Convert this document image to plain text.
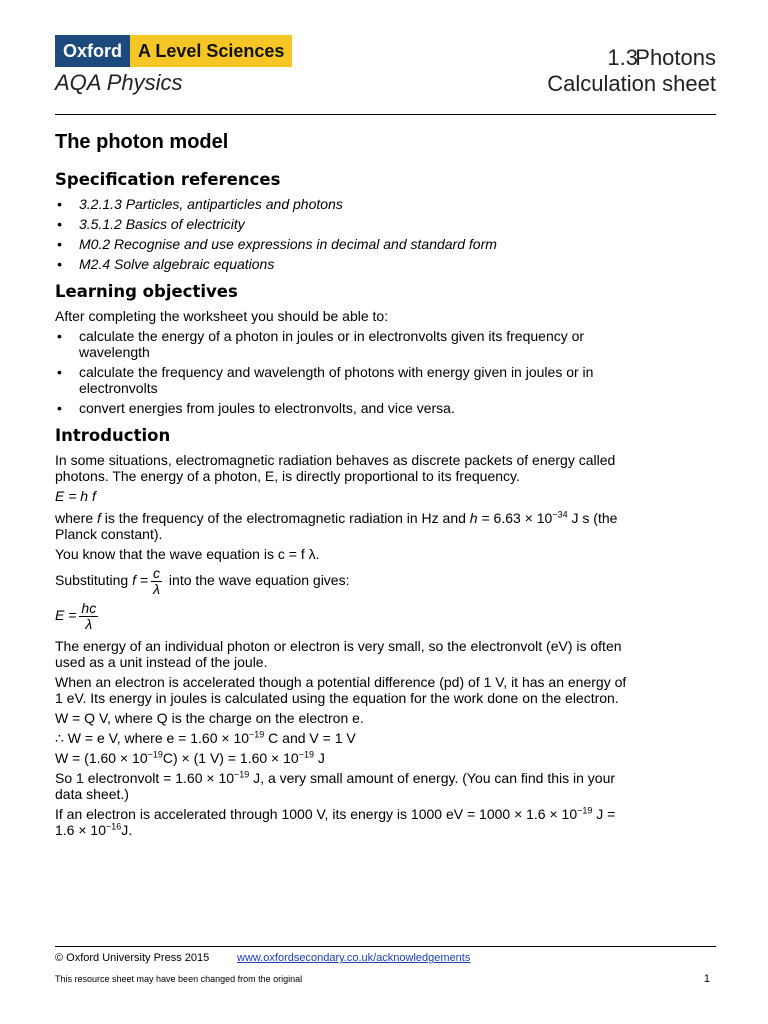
Oxford A Level Sciences
AQA Physics
1.3
Photons
Calculation sheet
The photon model
Specification references
• 3.2.1.3 Particles, antiparticles and photons
• 3.5.1.2 Basics of electricity
• M0.2 Recognise and use expressions in decimal and standard form
• M2.4 Solve algebraic equations
Learning objectives

After completing the worksheet you should be able to:

• calculate the energy of a photon in joules or in electronvolts given its frequency or wavelength
• calculate the frequency and wavelength of photons with energy given in joules or in electronvolts
• convert energies from joules to electronvolts, and vice versa.
Introduction

In some situations, electromagnetic radiation behaves as discrete packets of energy called photons. The energy of a photon, E, is directly proportional to its frequency.

E = h f

where f is the frequency of the electromagnetic radiation in Hz and $h = 6.63 \times 10^{-34}$ J s (the Planck constant).

You know that the wave equation is c = f λ.

Substituting $f = \frac{c}{\lambda}$ into the wave equation gives:

$E = \frac{hc}{\lambda}$

The energy of an individual photon or electron is very small, so the electronvolt (eV) is often used as a unit instead of the joule.

When an electron is accelerated though a potential difference (pd) of 1 V, it has an energy of 1 eV. Its energy in joules is calculated using the equation for the work done on the electron.

W = Q V, where Q is the charge on the electron e.

∴ W = e V, where $e = 1.60 \times 10^{-19}$ C and V = 1 V

$W = (1.60 \times 10^{-19}C) \times (1$ $V) = 1.60 \times 10^{-19}$ J

So 1 electronvolt = $1.60 \times 10^{-19}$ J, a very small amount of energy. (You can find this in your data sheet.)

If an electron is accelerated through 1000 V, its energy is 1000 eV = $1000 \times 1.6 \times 10^{-19}$ $J = 1.6 \times 10^{-16}J$.

© Oxford University Press 2015	www.oxfordsecondary.co.uk/acknowledgements
This resource sheet may have been changed from the original	1
